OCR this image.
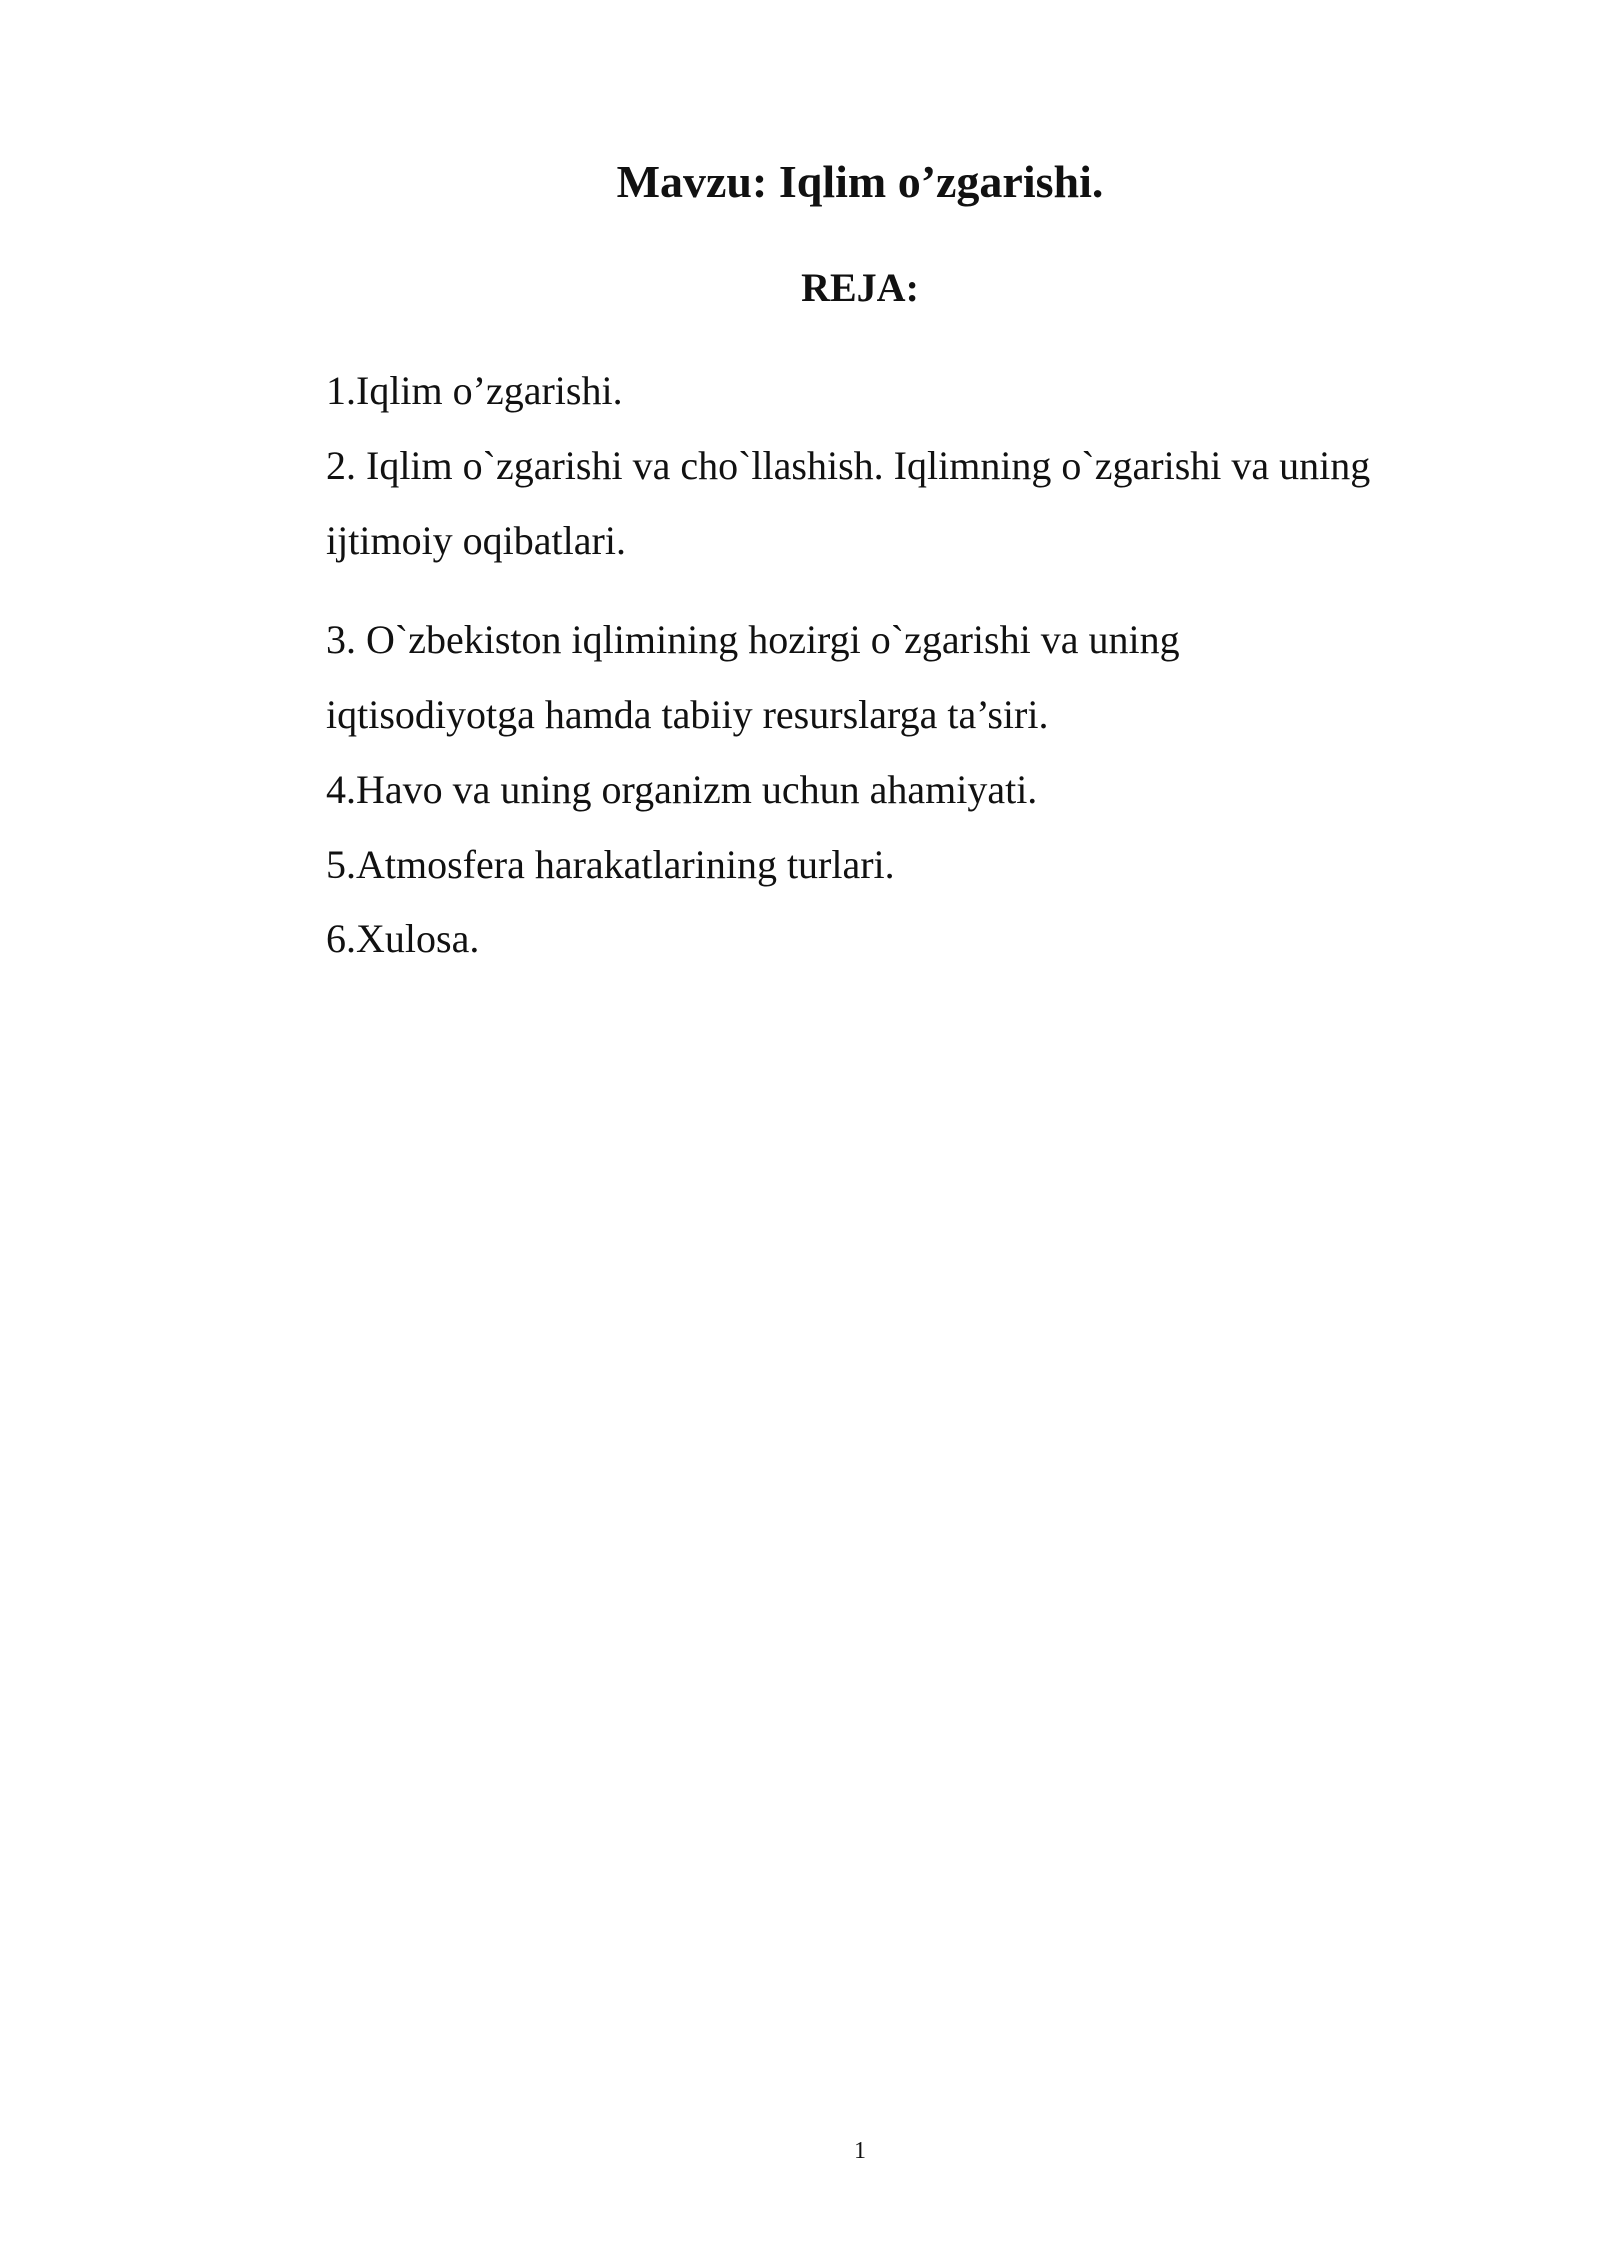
Mavzu: Iqlim o’zgarishi.
REJA:
1.Iqlim o’zgarishi.
2. Iqlim o`zgarishi va cho`llashish. Iqlimning o`zgarishi va uning
ijtimoiy oqibatlari.
3. O`zbekiston iqlimining hozirgi o`zgarishi va uning
iqtisodiyotga hamda tabiiy resurslarga ta’siri.
4.Havo va uning organizm uchun ahamiyati.
5.Atmosfera harakatlarining turlari.
6.Xulosa.
1
